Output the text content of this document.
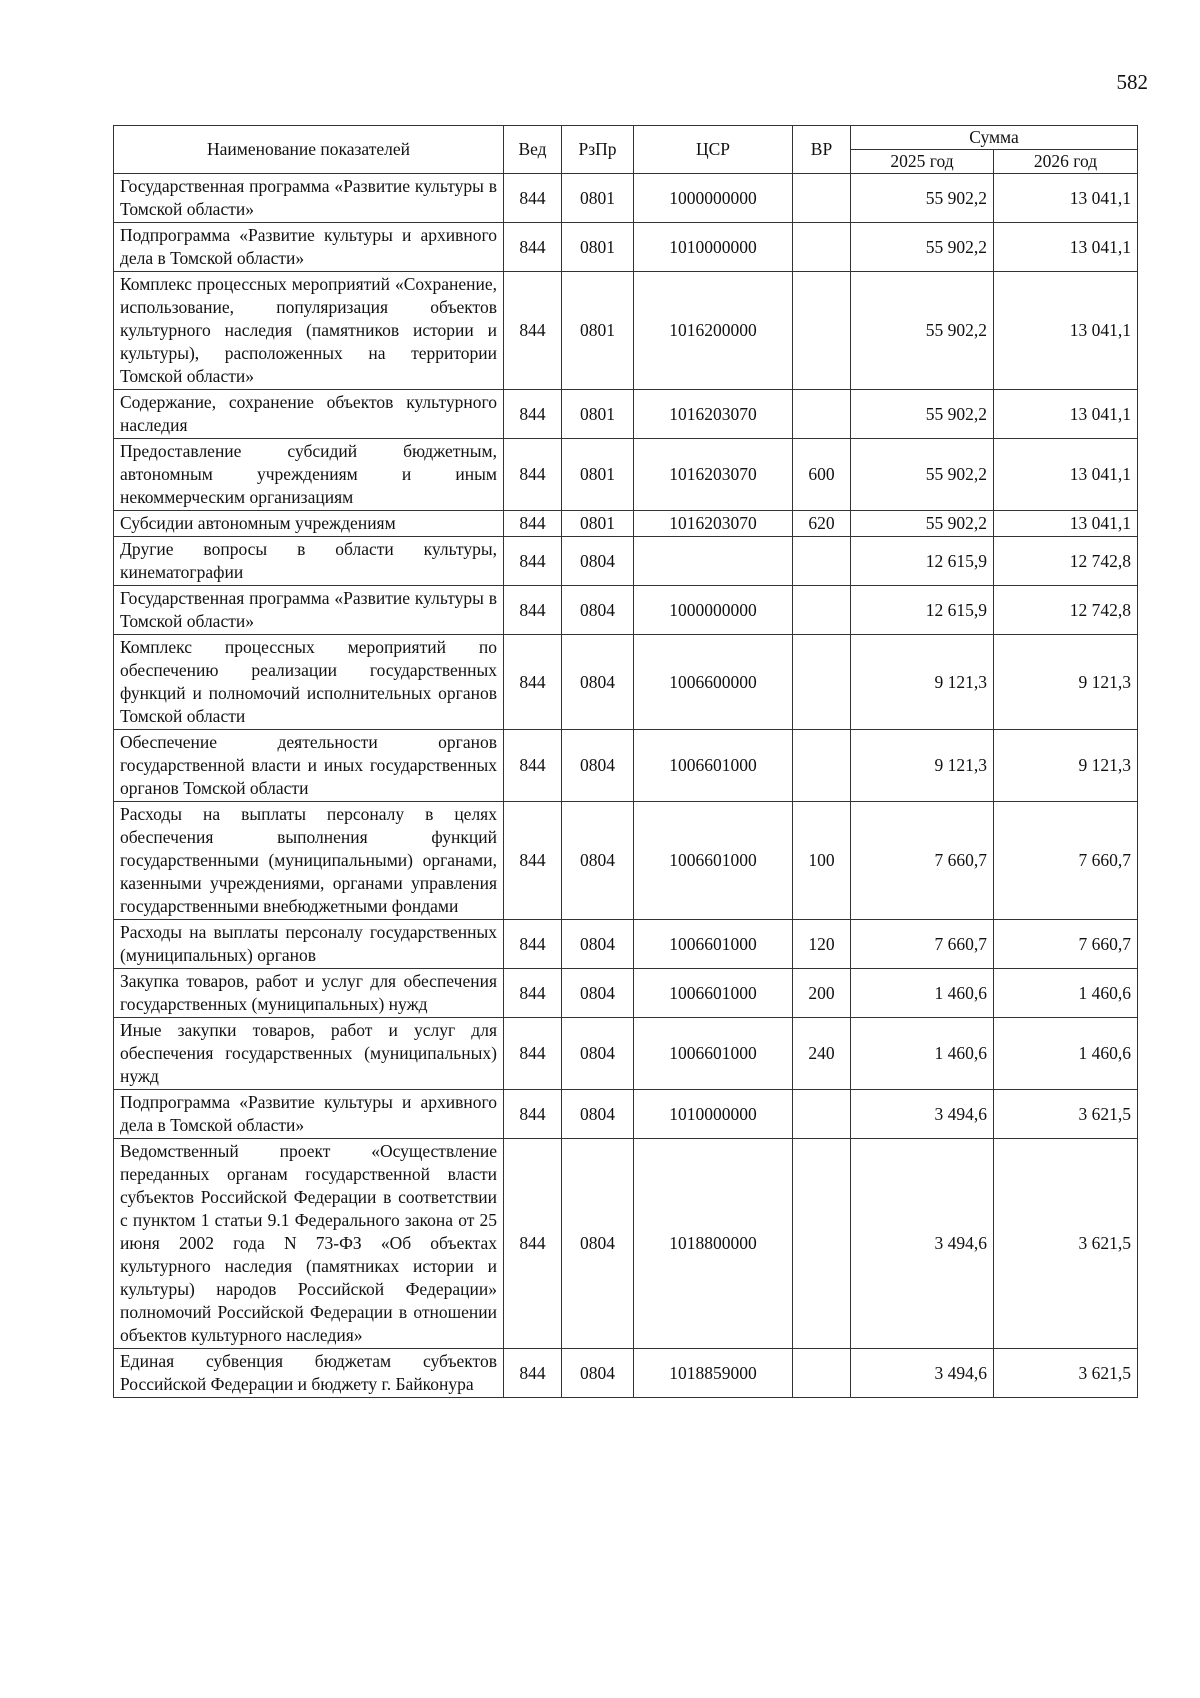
582
Наименование показателей	Вед	РзПр	ЦСР	ВР	Сумма	
					2025 год	2026 год
Государственная программа «Развитие культуры в Томской области»	844	0801	1000000000		55 902,2	13 041,1
Подпрограмма «Развитие культуры и архивного дела в Томской области»	844	0801	1010000000		55 902,2	13 041,1
Комплекс процессных мероприятий «Сохранение, использование, популяризация объектов культурного наследия (памятников истории и культуры), расположенных на территории Томской области»	844	0801	1016200000		55 902,2	13 041,1
Содержание, сохранение объектов культурного наследия	844	0801	1016203070		55 902,2	13 041,1
Предоставление субсидий бюджетным, автономным учреждениям и иным некоммерческим организациям	844	0801	1016203070	600	55 902,2	13 041,1
Субсидии автономным учреждениям	844	0801	1016203070	620	55 902,2	13 041,1
Другие вопросы в области культуры, кинематографии	844	0804			12 615,9	12 742,8
Государственная программа «Развитие культуры в Томской области»	844	0804	1000000000		12 615,9	12 742,8
Комплекс процессных мероприятий по обеспечению реализации государственных функций и полномочий исполнительных органов Томской области	844	0804	1006600000		9 121,3	9 121,3
Обеспечение деятельности органов государственной власти и иных государственных органов Томской области	844	0804	1006601000		9 121,3	9 121,3
Расходы на выплаты персоналу в целях обеспечения выполнения функций государственными (муниципальными) органами, казенными учреждениями, органами управления государственными внебюджетными фондами	844	0804	1006601000	100	7 660,7	7 660,7
Расходы на выплаты персоналу государственных (муниципальных) органов	844	0804	1006601000	120	7 660,7	7 660,7
Закупка товаров, работ и услуг для обеспечения государственных (муниципальных) нужд	844	0804	1006601000	200	1 460,6	1 460,6
Иные закупки товаров, работ и услуг для обеспечения государственных (муниципальных) нужд	844	0804	1006601000	240	1 460,6	1 460,6
Подпрограмма «Развитие культуры и архивного дела в Томской области»	844	0804	1010000000		3 494,6	3 621,5
Ведомственный проект «Осуществление переданных органам государственной власти субъектов Российской Федерации в соответствии с пунктом 1 статьи 9.1 Федерального закона от 25 июня 2002 года N 73-ФЗ «Об объектах культурного наследия (памятниках истории и культуры) народов Российской Федерации» полномочий Российской Федерации в отношении объектов культурного наследия»	844	0804	1018800000		3 494,6	3 621,5
Единая субвенция бюджетам субъектов Российской Федерации и бюджету г. Байконура	844	0804	1018859000		3 494,6	3 621,5
